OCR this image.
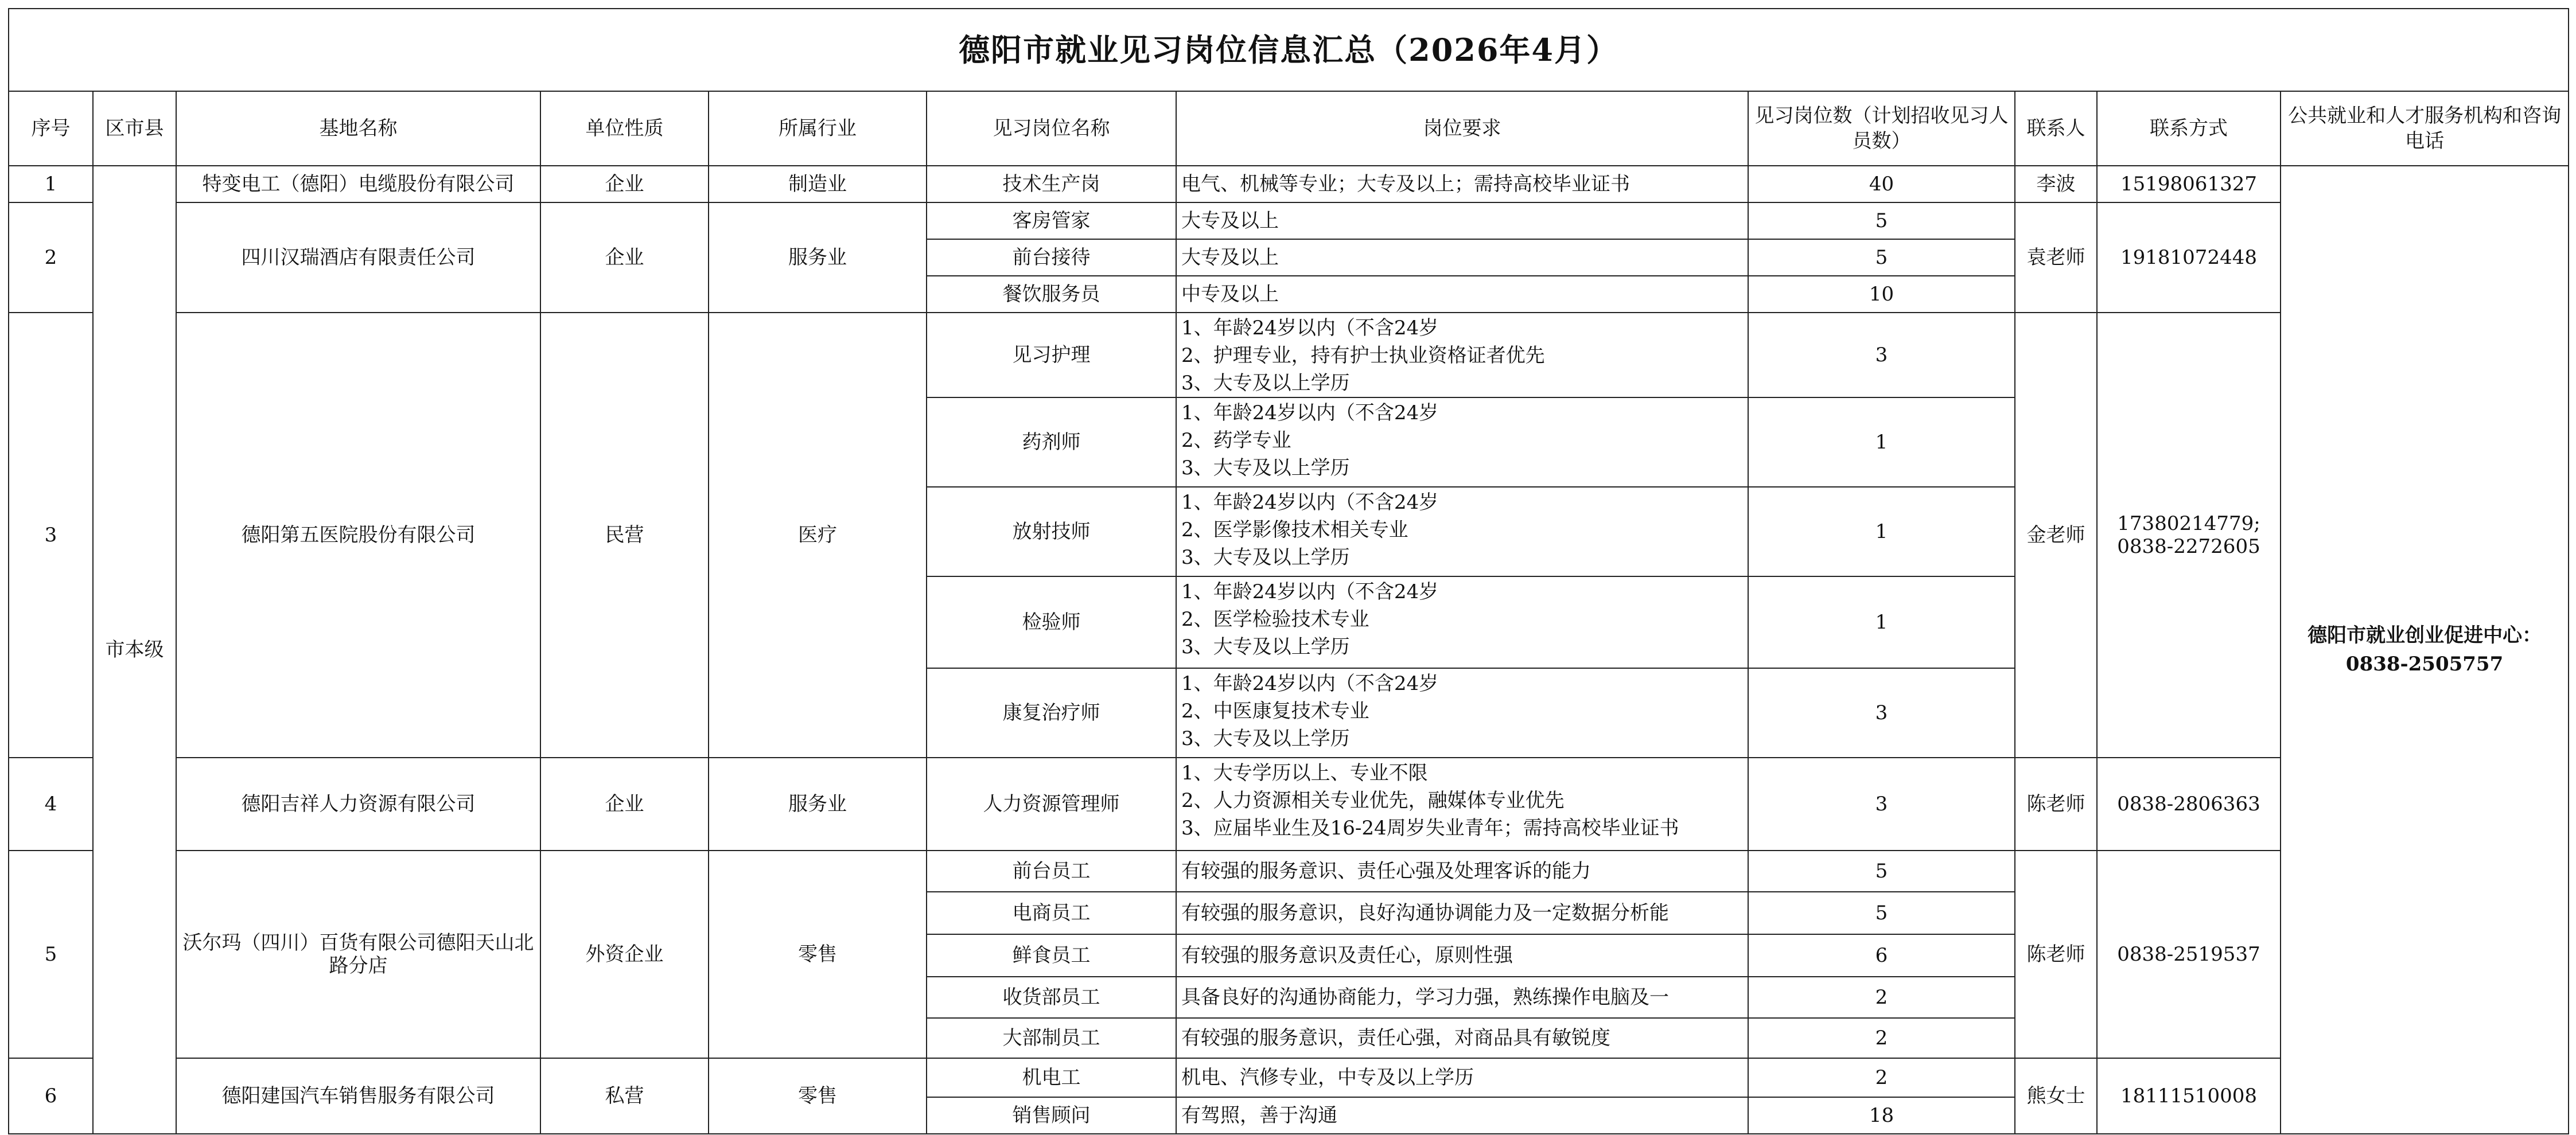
德阳市就业见习岗位信息汇总（2026年4月）										
序号	区市县	基地名称	单位性质	所属行业	见习岗位名称	岗位要求	见习岗位数（计划招收见习人员数）	联系人	联系方式	公共就业和人才服务机构和咨询电话
1	市本级	特变电工（德阳）电缆股份有限公司	企业	制造业	技术生产岗	电气、机械等专业；大专及以上；需持高校毕业证书	40	李波	15198061327	德阳市就业创业促进中心：
0838-2505757

2		四川汉瑞酒店有限责任公司	企业	服务业	客房管家	大专及以上	5	袁老师	19181072448	
					前台接待	大专及以上	5			
					餐饮服务员	中专及以上	10			
3		德阳第五医院股份有限公司	民营	医疗	见习护理	1、年龄24岁以内（不含24岁
2、护理专业，持有护士执业资格证者优先
3、大专及以上学历	3	金老师	17380214779;
0838-2272605	
					药剂师	1、年龄24岁以内（不含24岁
2、药学专业
3、大专及以上学历	1			
					放射技师	1、年龄24岁以内（不含24岁
2、医学影像技术相关专业
3、大专及以上学历	1			
					检验师	1、年龄24岁以内（不含24岁
2、医学检验技术专业
3、大专及以上学历	1			
					康复治疗师	1、年龄24岁以内（不含24岁
2、中医康复技术专业
3、大专及以上学历	3			
4		德阳吉祥人力资源有限公司	企业	服务业	人力资源管理师	1、大专学历以上、专业不限
2、人力资源相关专业优先，融媒体专业优先
3、应届毕业生及16-24周岁失业青年；需持高校毕业证书	3	陈老师	0838-2806363	
5		沃尔玛（四川）百货有限公司德阳天山北路分店	外资企业	零售	前台员工	有较强的服务意识、责任心强及处理客诉的能力	5	陈老师	0838-2519537	
					电商员工	有较强的服务意识，良好沟通协调能力及一定数据分析能	5			
					鲜食员工	有较强的服务意识及责任心，原则性强	6			
					收货部员工	具备良好的沟通协商能力，学习力强，熟练操作电脑及一	2			
					大部制员工	有较强的服务意识，责任心强，对商品具有敏锐度	2			
6		德阳建国汽车销售服务有限公司	私营	零售	机电工	机电、汽修专业，中专及以上学历	2	熊女士	18111510008	
					销售顾问	有驾照，善于沟通	18			
